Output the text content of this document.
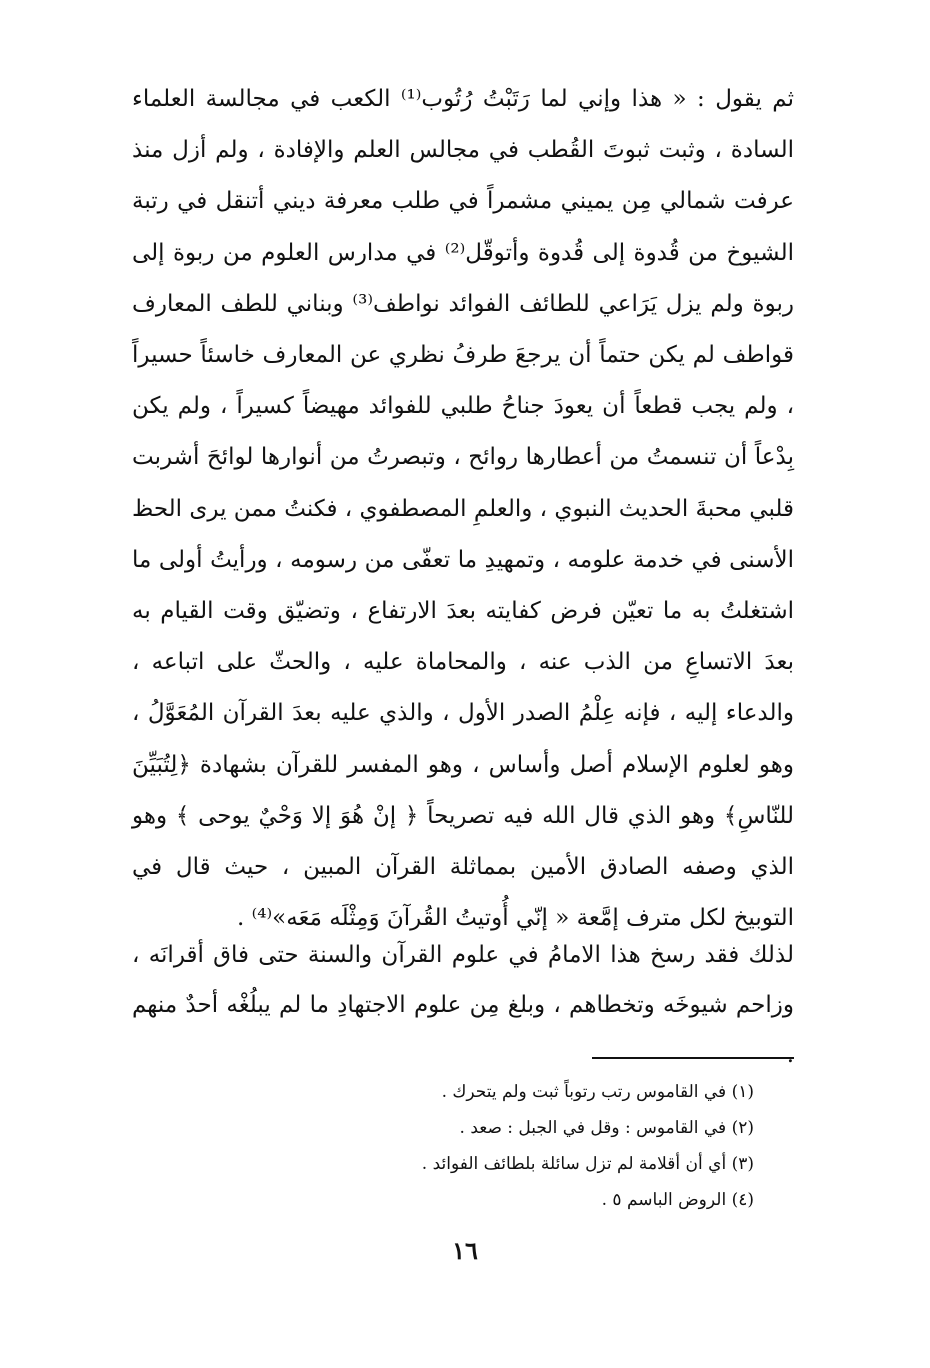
ثم يقول : « هذا وإني لما رَتَبْتُ رُتُوب⁽¹⁾ الكعب في مجالسة العلماء السادة ، وثبت ثبوتَ القُطب في مجالس العلم والإفادة ، ولم أزل منذ عرفت شمالي مِن يميني مشمراً في طلب معرفة ديني أتنقل في رتبة الشيوخ من قُدوة إلى قُدوة وأتوقّل⁽²⁾ في مدارس العلوم من ربوة إلى ربوة ولم يزل يَرَاعي للطائف الفوائد نواطف⁽³⁾ وبناني للطف المعارف قواطف لم يكن حتماً أن يرجعَ طرفُ نظري عن المعارف خاسئاً حسيراً ، ولم يجب قطعاً أن يعودَ جناحُ طلبي للفوائد مهيضاً كسيراً ، ولم يكن بِدْعاً أن تنسمتُ من أعطارها روائح ، وتبصرتُ من أنوارها لوائحَ أشربت قلبي محبةَ الحديث النبوي ، والعلمِ المصطفوي ، فكنتُ ممن يرى الحظ الأسنى في خدمة علومه ، وتمهيدِ ما تعفّى من رسومه ، ورأيتُ أولى ما اشتغلتُ به ما تعيّن فرض كفايته بعدَ الارتفاع ، وتضيّق وقت القيام به بعدَ الاتساعِ من الذب عنه ، والمحاماة عليه ، والحثّ على اتباعه ، والدعاء إليه ، فإنه عِلْمُ الصدر الأول ، والذي عليه بعدَ القرآن المُعَوَّلُ ، وهو لعلوم الإسلام أصل وأساس ، وهو المفسر للقرآن بشهادة ﴿لِتُبَيِّنَ للنّاسِ﴾ وهو الذي قال الله فيه تصريحاً ﴿ إنْ هُوَ إلا وَحْيٌ يوحى ﴾ وهو الذي وصفه الصادق الأمين بمماثلة القرآن المبين ، حيث قال في التوبيخ لكل مترف إمَّعة « إنّي أُوتيتُ القُرآنَ وَمِثْلَه مَعَه»⁽⁴⁾ .

لذلك فقد رسخ هذا الامامُ في علوم القرآن والسنة حتى فاق أقرانَه ، وزاحم شيوخَه وتخطاهم ، وبلغ مِن علوم الاجتهادِ ما لم يبلُغْه أحدٌ منهم .

(١) في القاموس رتب رتوباً ثبت ولم يتحرك .
(٢) في القاموس : وقل في الجبل : صعد .
(٣) أي أن أقلامة لم تزل سائلة بلطائف الفوائد .
(٤) الروض الباسم ٥ .
١٦
